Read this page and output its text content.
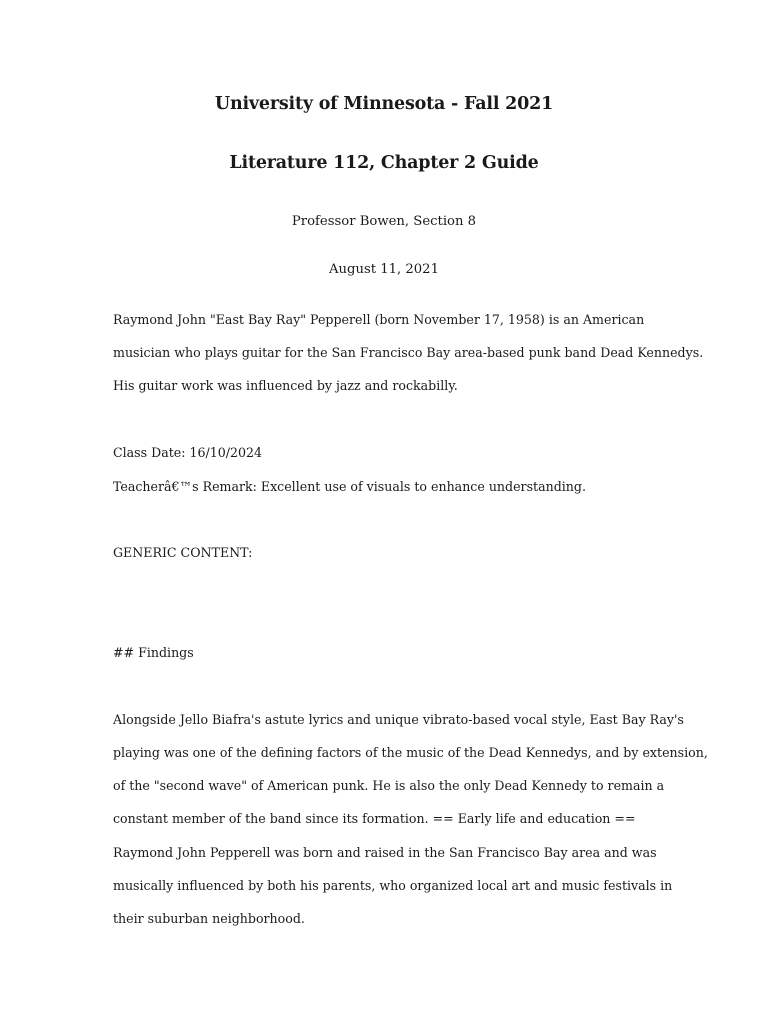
University of Minnesota - Fall 2021
Literature 112, Chapter 2 Guide
Professor Bowen, Section 8
August 11, 2021
Raymond John "East Bay Ray" Pepperell (born November 17, 1958) is an American
musician who plays guitar for the San Francisco Bay area-based punk band Dead Kennedys.
His guitar work was influenced by jazz and rockabilly.
Class Date: 16/10/2024
Teacherâ€™s Remark: Excellent use of visuals to enhance understanding.
GENERIC CONTENT:
## Findings
Alongside Jello Biafra's astute lyrics and unique vibrato-based vocal style, East Bay Ray's
playing was one of the defining factors of the music of the Dead Kennedys, and by extension,
of the "second wave" of American punk. He is also the only Dead Kennedy to remain a
constant member of the band since its formation. == Early life and education ==
Raymond John Pepperell was born and raised in the San Francisco Bay area and was
musically influenced by both his parents, who organized local art and music festivals in
their suburban neighborhood.
